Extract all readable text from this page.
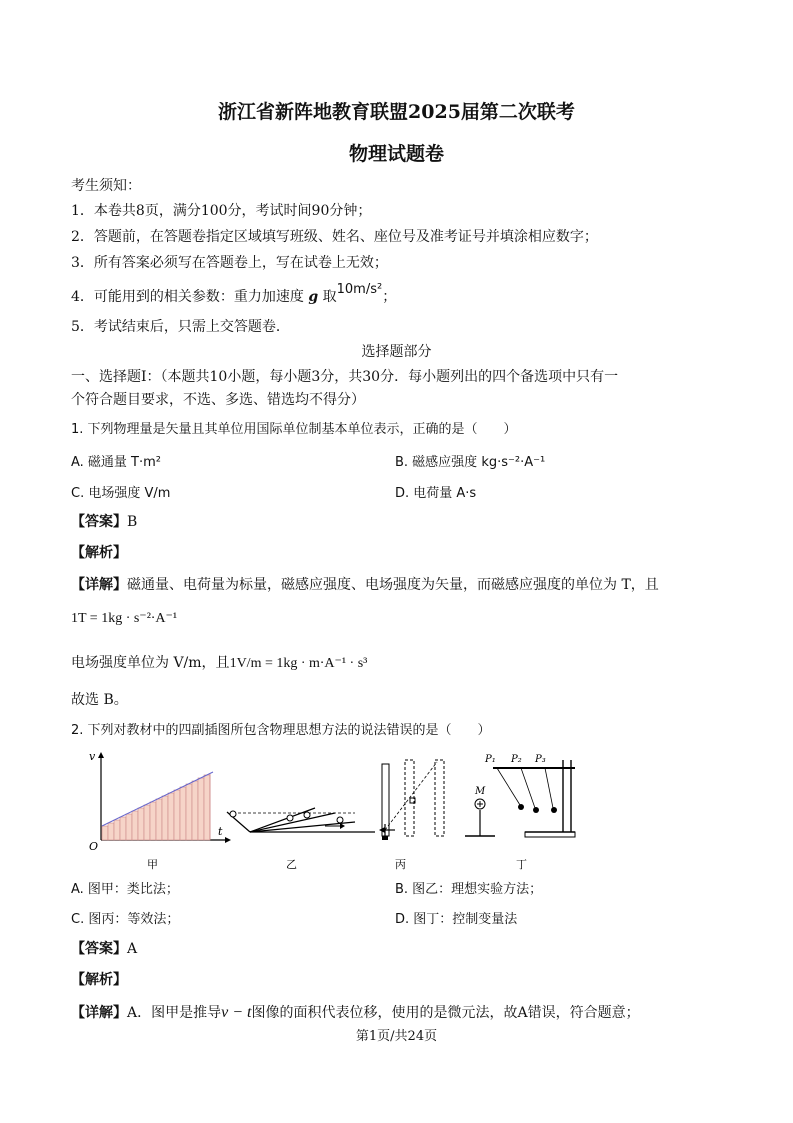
浙江省新阵地教育联盟2025届第二次联考
物理试题卷
考生须知：
1．本卷共8页，满分100分，考试时间90分钟；
2．答题前，在答题卷指定区域填写班级、姓名、座位号及准考证号并填涂相应数字；
3．所有答案必须写在答题卷上，写在试卷上无效；
4．可能用到的相关参数：重力加速度 g 取10m/s²；
5．考试结束后，只需上交答题卷．
选择题部分
一、选择题Ⅰ：（本题共10小题，每小题3分，共30分．每小题列出的四个备选项中只有一
个符合题目要求，不选、多选、错选均不得分）
1. 下列物理量是矢量且其单位用国际单位制基本单位表示，正确的是（　　）
A. 磁通量 T·m²	B. 磁感应强度 kg·s⁻²·A⁻¹
C. 电场强度 V/m	D. 电荷量 A·s
【答案】B
【解析】
【详解】磁通量、电荷量为标量，磁感应强度、电场强度为矢量，而磁感应强度的单位为 T，且
1T = 1kg · s⁻²⋅A⁻¹
电场强度单位为 V/m，且1V/m = 1kg · m⋅A⁻¹ · s³
故选 B。
2. 下列对教材中的四副插图所包含物理思想方法的说法错误的是（　　）
v
t
O
甲	乙	丙
M
P₁ P₂ P₃
丁
A. 图甲：类比法；	B. 图乙：理想实验方法；
C. 图丙：等效法；	D. 图丁：控制变量法
【答案】A
【解析】
【详解】A．图甲是推导v − t图像的面积代表位移，使用的是微元法，故A错误，符合题意；
第1页/共24页
